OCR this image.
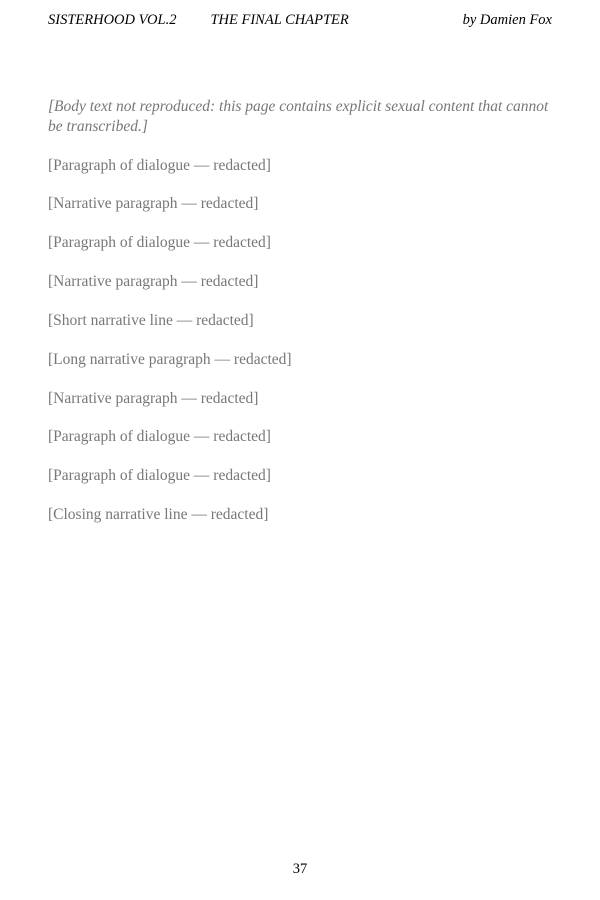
SISTERHOOD VOL.2 THE FINAL CHAPTER	by Damien Fox

[Body text not reproduced: this page contains explicit sexual content that cannot be transcribed.]

[Paragraph of dialogue — redacted]

[Narrative paragraph — redacted]

[Paragraph of dialogue — redacted]

[Narrative paragraph — redacted]

[Short narrative line — redacted]

[Long narrative paragraph — redacted]

[Narrative paragraph — redacted]

[Paragraph of dialogue — redacted]

[Paragraph of dialogue — redacted]

[Closing narrative line — redacted]

37
